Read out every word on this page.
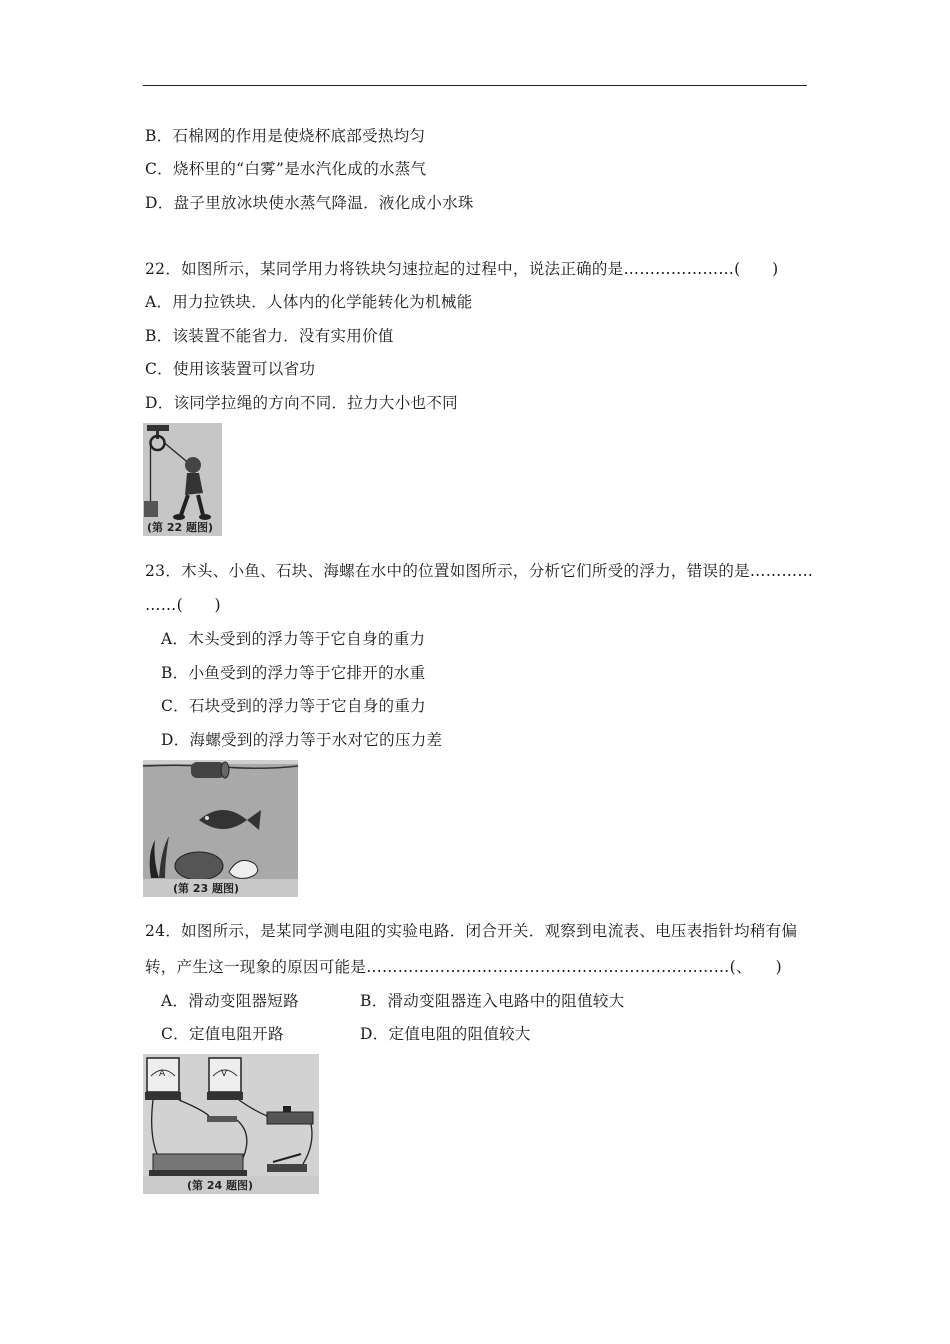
B．石棉网的作用是使烧杯底部受热均匀
C．烧杯里的“白雾”是水汽化成的水蒸气
D．盘子里放冰块使水蒸气降温．液化成小水珠
22．如图所示，某同学用力将铁块匀速拉起的过程中，说法正确的是…………………(　　)
A．用力拉铁块．人体内的化学能转化为机械能
B．该装置不能省力．没有实用价值
C．使用该装置可以省功
D．该同学拉绳的方向不同．拉力大小也不同
(第 22 题图)
23．木头、小鱼、石块、海螺在水中的位置如图所示，分析它们所受的浮力，错误的是…………
……(　　)
A．木头受到的浮力等于它自身的重力
B．小鱼受到的浮力等于它排开的水重
C．石块受到的浮力等于它自身的重力
D．海螺受到的浮力等于水对它的压力差
(第 23 题图)
24．如图所示，是某同学测电阻的实验电路．闭合开关．观察到电流表、电压表指针均稍有偏
转，产生这一现象的原因可能是……………………………………………………………(、　　)
A．滑动变阻器短路	B．滑动变阻器连入电路中的阻值较大
C．定值电阻开路	D．定值电阻的阻值较大
A	V
(第 24 题图)
